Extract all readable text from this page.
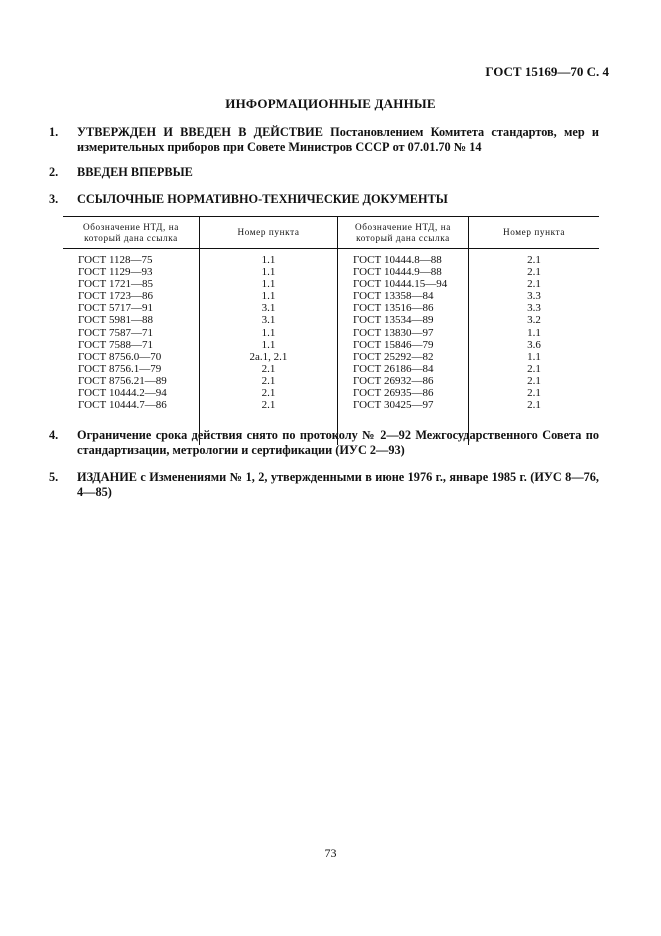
ГОСТ 15169—70 С. 4
ИНФОРМАЦИОННЫЕ ДАННЫЕ
1. УТВЕРЖДЕН И ВВЕДЕН В ДЕЙСТВИЕ Постановлением Комитета стандартов, мер и измерительных приборов при Совете Министров СССР от 07.01.70 № 14
2. ВВЕДЕН ВПЕРВЫЕ
3. ССЫЛОЧНЫЕ НОРМАТИВНО-ТЕХНИЧЕСКИЕ ДОКУМЕНТЫ
Обозначение НТД, на который дана ссылка
Номер пункта
Обозначение НТД, на который дана ссылка
Номер пункта
ГОСТ 1128—75
ГОСТ 1129—93
ГОСТ 1721—85
ГОСТ 1723—86
ГОСТ 5717—91
ГОСТ 5981—88
ГОСТ 7587—71
ГОСТ 7588—71
ГОСТ 8756.0—70
ГОСТ 8756.1—79
ГОСТ 8756.21—89
ГОСТ 10444.2—94
ГОСТ 10444.7—86
1.1
1.1
1.1
1.1
3.1
3.1
1.1
1.1
2а.1, 2.1
2.1
2.1
2.1
2.1
ГОСТ 10444.8—88
ГОСТ 10444.9—88
ГОСТ 10444.15—94
ГОСТ 13358—84
ГОСТ 13516—86
ГОСТ 13534—89
ГОСТ 13830—97
ГОСТ 15846—79
ГОСТ 25292—82
ГОСТ 26186—84
ГОСТ 26932—86
ГОСТ 26935—86
ГОСТ 30425—97
2.1
2.1
2.1
3.3
3.3
3.2
1.1
3.6
1.1
2.1
2.1
2.1
2.1
4. Ограничение срока действия снято по протоколу № 2—92 Межгосударственного Совета по стандартизации, метрологии и сертификации (ИУС 2—93)
5. ИЗДАНИЕ с Изменениями № 1, 2, утвержденными в июне 1976 г., январе 1985 г. (ИУС 8—76, 4—85)
73
